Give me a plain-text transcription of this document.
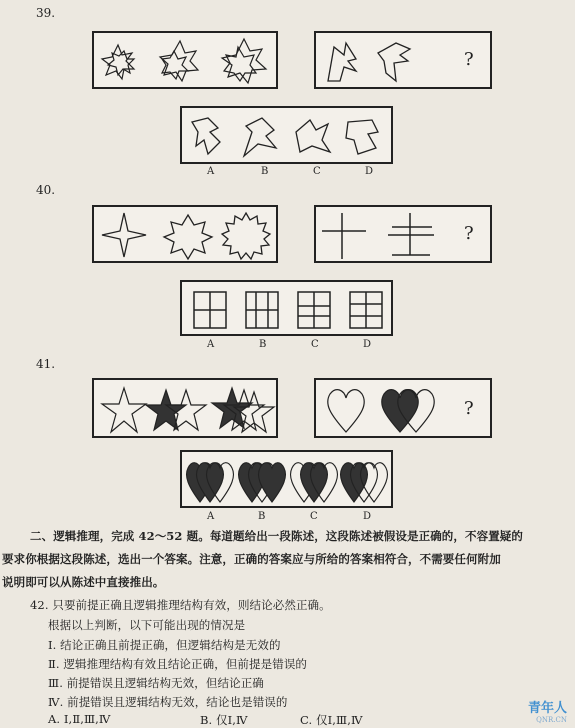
39.
?
A	B	C	D
40.
?
A	B	C	D
41.
?
A	B	C	D
二、逻辑推理，完成 42～52 题。每道题给出一段陈述，这段陈述被假设是正确的，不容置疑的
要求你根据这段陈述，选出一个答案。注意，正确的答案应与所给的答案相符合，不需要任何附加
说明即可以从陈述中直接推出。
42. 只要前提正确且逻辑推理结构有效，则结论必然正确。
根据以上判断，以下可能出现的情况是
Ⅰ. 结论正确且前提正确，但逻辑结构是无效的
Ⅱ. 逻辑推理结构有效且结论正确，但前提是错误的
Ⅲ. 前提错误且逻辑结构无效，但结论正确
Ⅳ. 前提错误且逻辑结构无效，结论也是错误的
A. Ⅰ,Ⅱ,Ⅲ,Ⅳ	B. 仅Ⅰ,Ⅳ	C. 仅Ⅰ,Ⅲ,Ⅳ
青年人
QNR.CN
